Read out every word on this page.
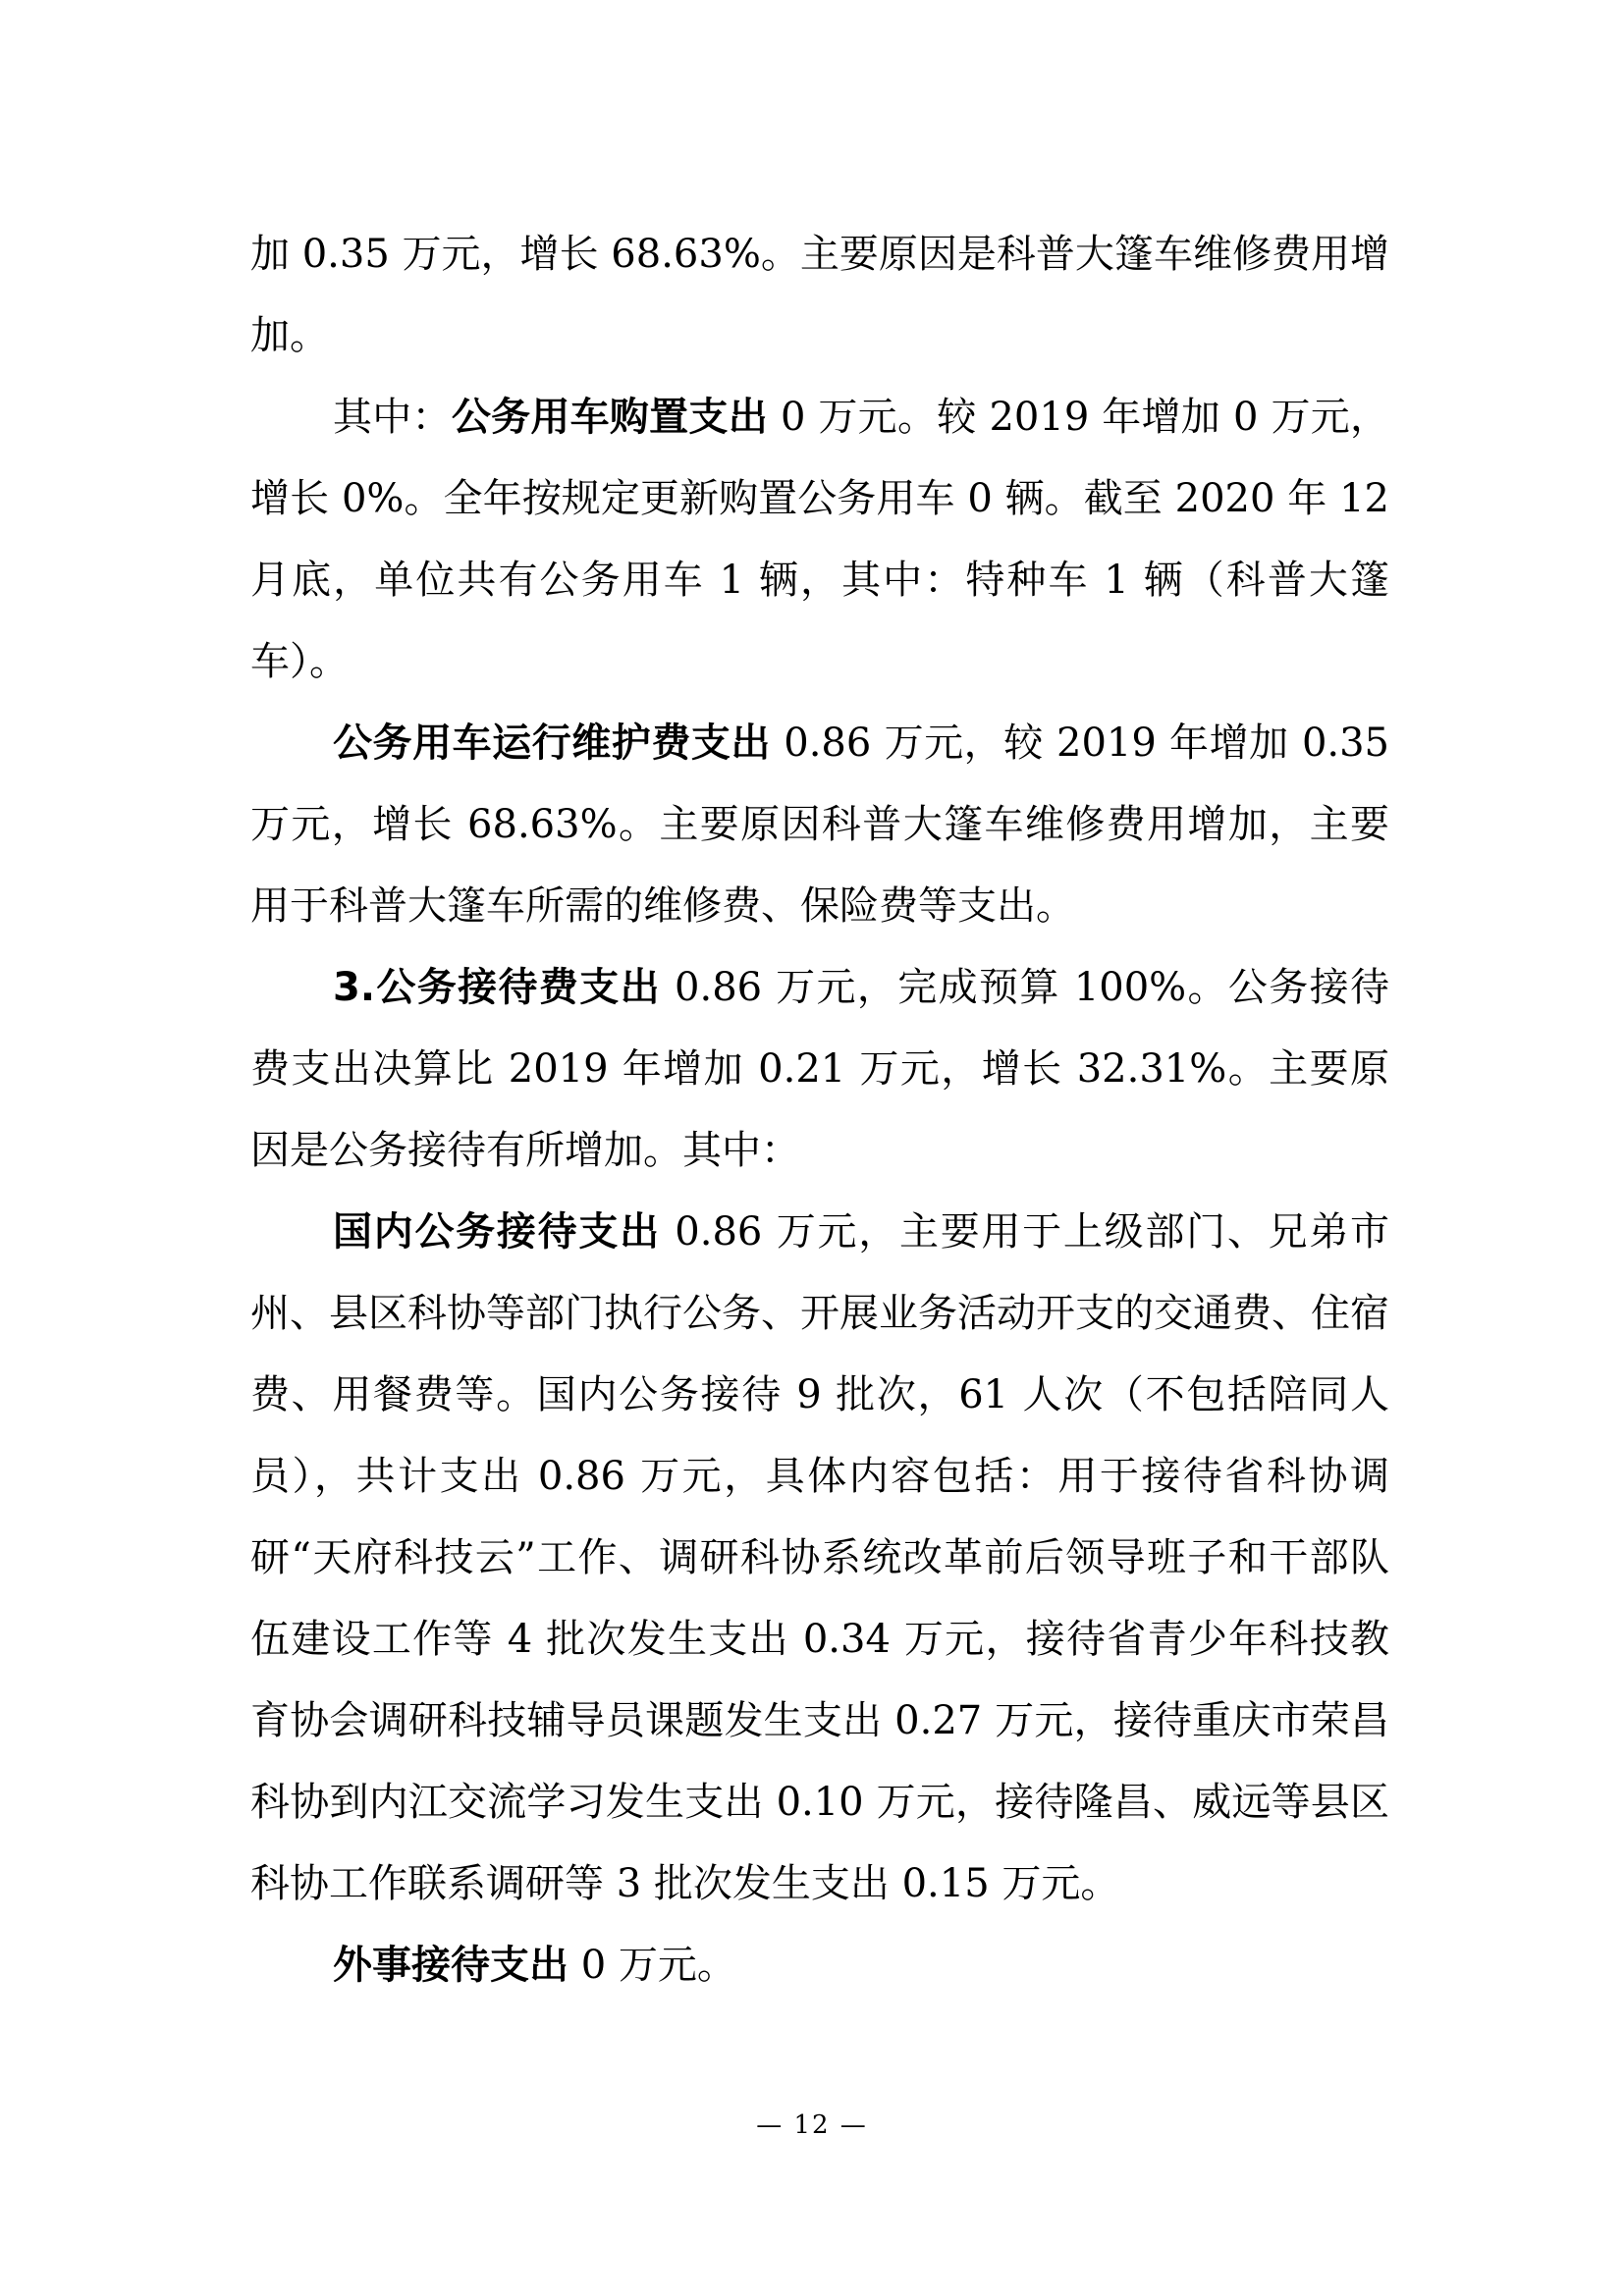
加 0.35 万元，增长 68.63%。主要原因是科普大篷车维修费用增加。

其中：公务用车购置支出 0 万元。较 2019 年增加 0 万元，增长 0%。全年按规定更新购置公务用车 0 辆。截至 2020 年 12 月底，单位共有公务用车 1 辆，其中：特种车 1 辆（科普大篷车）。

公务用车运行维护费支出 0.86 万元，较 2019 年增加 0.35 万元，增长 68.63%。主要原因科普大篷车维修费用增加，主要用于科普大篷车所需的维修费、保险费等支出。

3.公务接待费支出 0.86 万元，完成预算 100%。公务接待费支出决算比 2019 年增加 0.21 万元，增长 32.31%。主要原因是公务接待有所增加。其中：

国内公务接待支出 0.86 万元，主要用于上级部门、兄弟市州、县区科协等部门执行公务、开展业务活动开支的交通费、住宿费、用餐费等。国内公务接待 9 批次，61 人次（不包括陪同人员），共计支出 0.86 万元，具体内容包括：用于接待省科协调研“天府科技云”工作、调研科协系统改革前后领导班子和干部队伍建设工作等 4 批次发生支出 0.34 万元，接待省青少年科技教育协会调研科技辅导员课题发生支出 0.27 万元，接待重庆市荣昌科协到内江交流学习发生支出 0.10 万元，接待隆昌、威远等县区科协工作联系调研等 3 批次发生支出 0.15 万元。

外事接待支出 0 万元。

— 12 —
